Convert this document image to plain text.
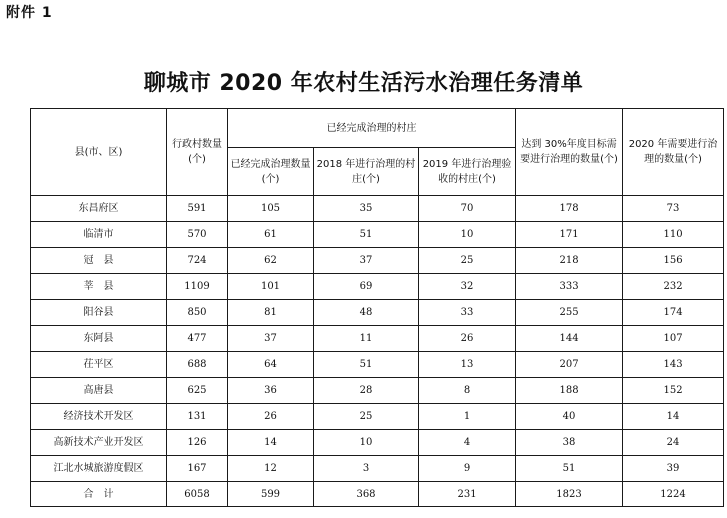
附件 1
聊城市 2020 年农村生活污水治理任务清单
县(市、区)	行政村数量(个)	已经完成治理的村庄			达到 30%年度目标需要进行治理的数量(个)	2020 年需要进行治理的数量(个)
		已经完成治理数量(个)	2018 年进行治理的村庄(个)	2019 年进行治理验收的村庄(个)		
东昌府区	591	105	35	70	178	73
临清市	570	61	51	10	171	110
冠　县	724	62	37	25	218	156
莘　县	1109	101	69	32	333	232
阳谷县	850	81	48	33	255	174
东阿县	477	37	11	26	144	107
茌平区	688	64	51	13	207	143
高唐县	625	36	28	8	188	152
经济技术开发区	131	26	25	1	40	14
高新技术产业开发区	126	14	10	4	38	24
江北水城旅游度假区	167	12	3	9	51	39
合　计	6058	599	368	231	1823	1224
